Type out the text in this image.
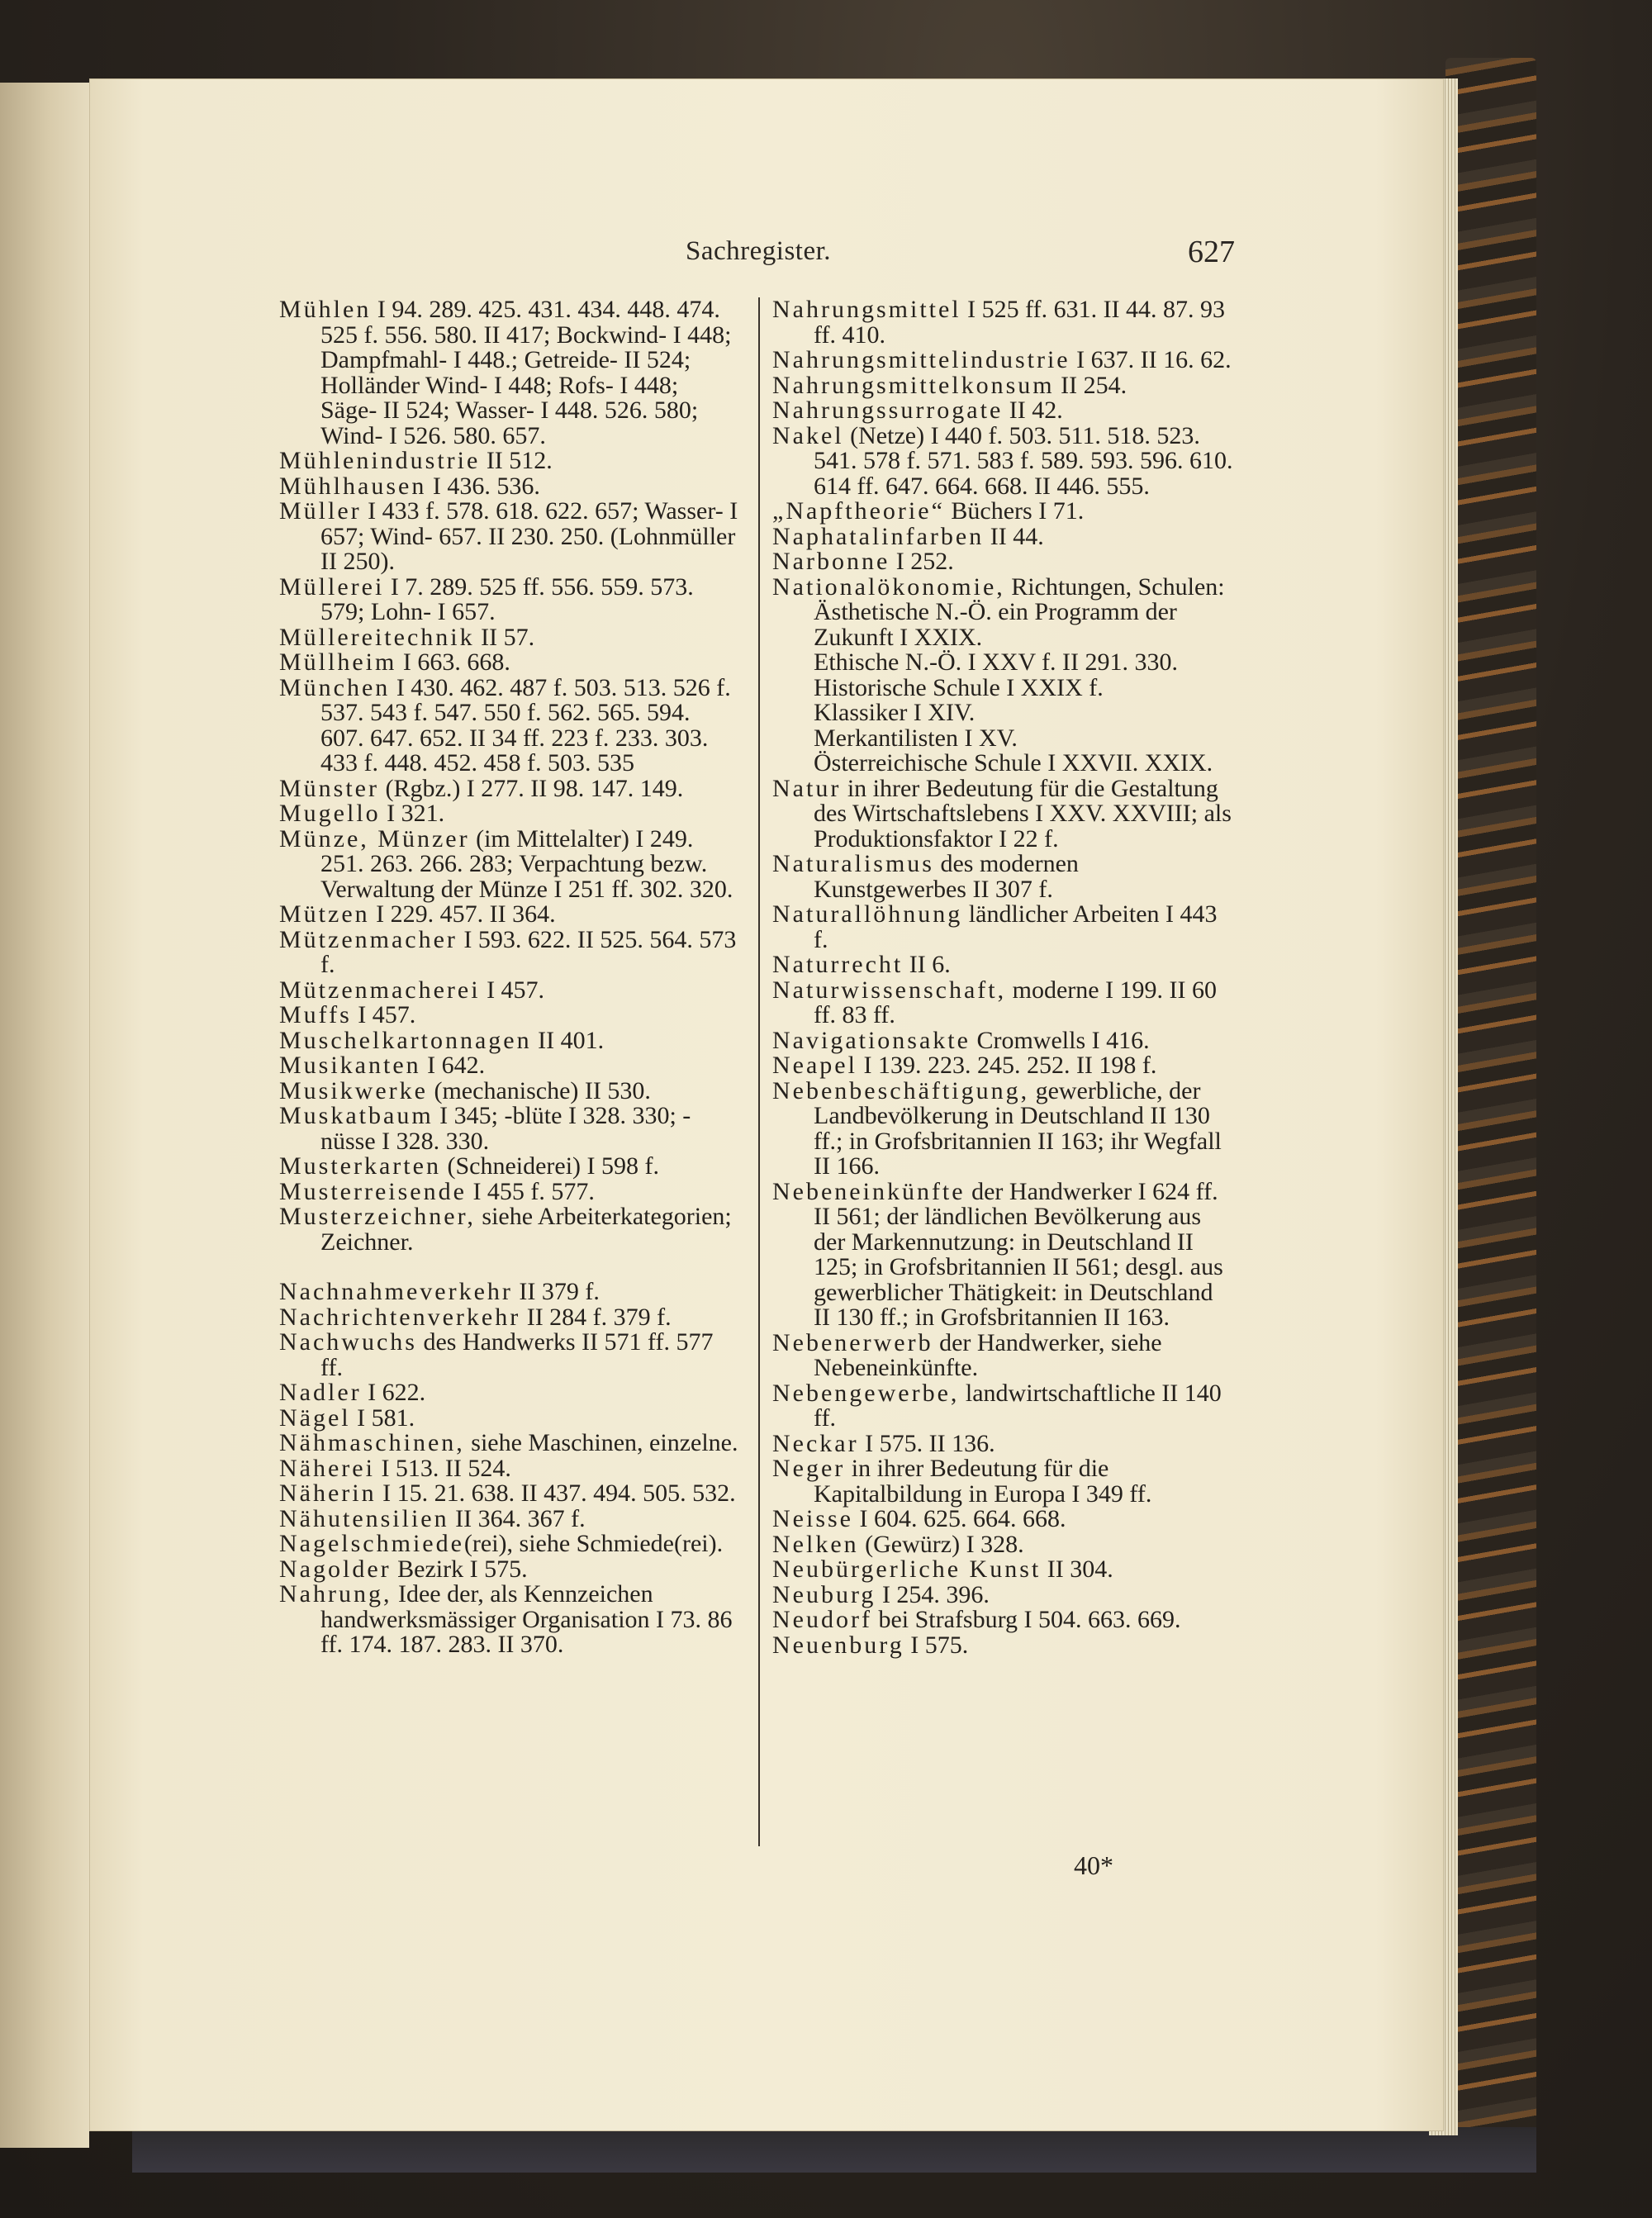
Sachregister.	627
Mühlen I 94. 289. 425. 431. 434. 448. 474. 525 f. 556. 580. II 417; Bockwind- I 448; Dampfmahl- I 448.; Getreide- II 524; Holländer Wind- I 448; Rofs- I 448; Säge- II 524; Wasser- I 448. 526. 580; Wind- I 526. 580. 657.
Mühlenindustrie II 512.
Mühlhausen I 436. 536.
Müller I 433 f. 578. 618. 622. 657; Wasser- I 657; Wind- 657. II 230. 250. (Lohnmüller II 250).
Müllerei I 7. 289. 525 ff. 556. 559. 573. 579; Lohn- I 657.
Müllereitechnik II 57.
Müllheim I 663. 668.
München I 430. 462. 487 f. 503. 513. 526 f. 537. 543 f. 547. 550 f. 562. 565. 594. 607. 647. 652. II 34 ff. 223 f. 233. 303. 433 f. 448. 452. 458 f. 503. 535
Münster (Rgbz.) I 277. II 98. 147. 149.
Mugello I 321.
Münze, Münzer (im Mittelalter) I 249. 251. 263. 266. 283; Verpachtung bezw. Verwaltung der Münze I 251 ff. 302. 320.
Mützen I 229. 457. II 364.
Mützenmacher I 593. 622. II 525. 564. 573 f.
Mützenmacherei I 457.
Muffs I 457.
Muschelkartonnagen II 401.
Musikanten I 642.
Musikwerke (mechanische) II 530.
Muskatbaum I 345; -blüte I 328. 330; -nüsse I 328. 330.
Musterkarten (Schneiderei) I 598 f.
Musterreisende I 455 f. 577.
Musterzeichner, siehe Arbeiterkategorien; Zeichner.
Nachnahmeverkehr II 379 f.
Nachrichtenverkehr II 284 f. 379 f.
Nachwuchs des Handwerks II 571 ff. 577 ff.
Nadler I 622.
Nägel I 581.
Nähmaschinen, siehe Maschinen, einzelne.
Näherei I 513. II 524.
Näherin I 15. 21. 638. II 437. 494. 505. 532.
Nähutensilien II 364. 367 f.
Nagelschmiede(rei), siehe Schmiede(rei).
Nagolder Bezirk I 575.
Nahrung, Idee der, als Kennzeichen handwerksmässiger Organisation I 73. 86 ff. 174. 187. 283. II 370.
Nahrungsmittel I 525 ff. 631. II 44. 87. 93 ff. 410.
Nahrungsmittelindustrie I 637. II 16. 62.
Nahrungsmittelkonsum II 254.
Nahrungssurrogate II 42.
Nakel (Netze) I 440 f. 503. 511. 518. 523. 541. 578 f. 571. 583 f. 589. 593. 596. 610. 614 ff. 647. 664. 668. II 446. 555.
„Napftheorie“ Büchers I 71.
Naphatalinfarben II 44.
Narbonne I 252.
Nationalökonomie, Richtungen, Schulen:
Ästhetische N.-Ö. ein Programm der Zukunft I XXIX.
Ethische N.-Ö. I XXV f. II 291. 330.
Historische Schule I XXIX f.
Klassiker I XIV.
Merkantilisten I XV.
Österreichische Schule I XXVII. XXIX.
Natur in ihrer Bedeutung für die Gestaltung des Wirtschaftslebens I XXV. XXVIII; als Produktionsfaktor I 22 f.
Naturalismus des modernen Kunstgewerbes II 307 f.
Naturallöhnung ländlicher Arbeiten I 443 f.
Naturrecht II 6.
Naturwissenschaft, moderne I 199. II 60 ff. 83 ff.
Navigationsakte Cromwells I 416.
Neapel I 139. 223. 245. 252. II 198 f.
Nebenbeschäftigung, gewerbliche, der Landbevölkerung in Deutschland II 130 ff.; in Grofsbritannien II 163; ihr Wegfall II 166.
Nebeneinkünfte der Handwerker I 624 ff. II 561; der ländlichen Bevölkerung aus der Markennutzung: in Deutschland II 125; in Grofsbritannien II 561; desgl. aus gewerblicher Thätigkeit: in Deutschland II 130 ff.; in Grofsbritannien II 163.
Nebenerwerb der Handwerker, siehe Nebeneinkünfte.
Nebengewerbe, landwirtschaftliche II 140 ff.
Neckar I 575. II 136.
Neger in ihrer Bedeutung für die Kapitalbildung in Europa I 349 ff.
Neisse I 604. 625. 664. 668.
Nelken (Gewürz) I 328.
Neubürgerliche Kunst II 304.
Neuburg I 254. 396.
Neudorf bei Strafsburg I 504. 663. 669.
Neuenburg I 575.
40*
